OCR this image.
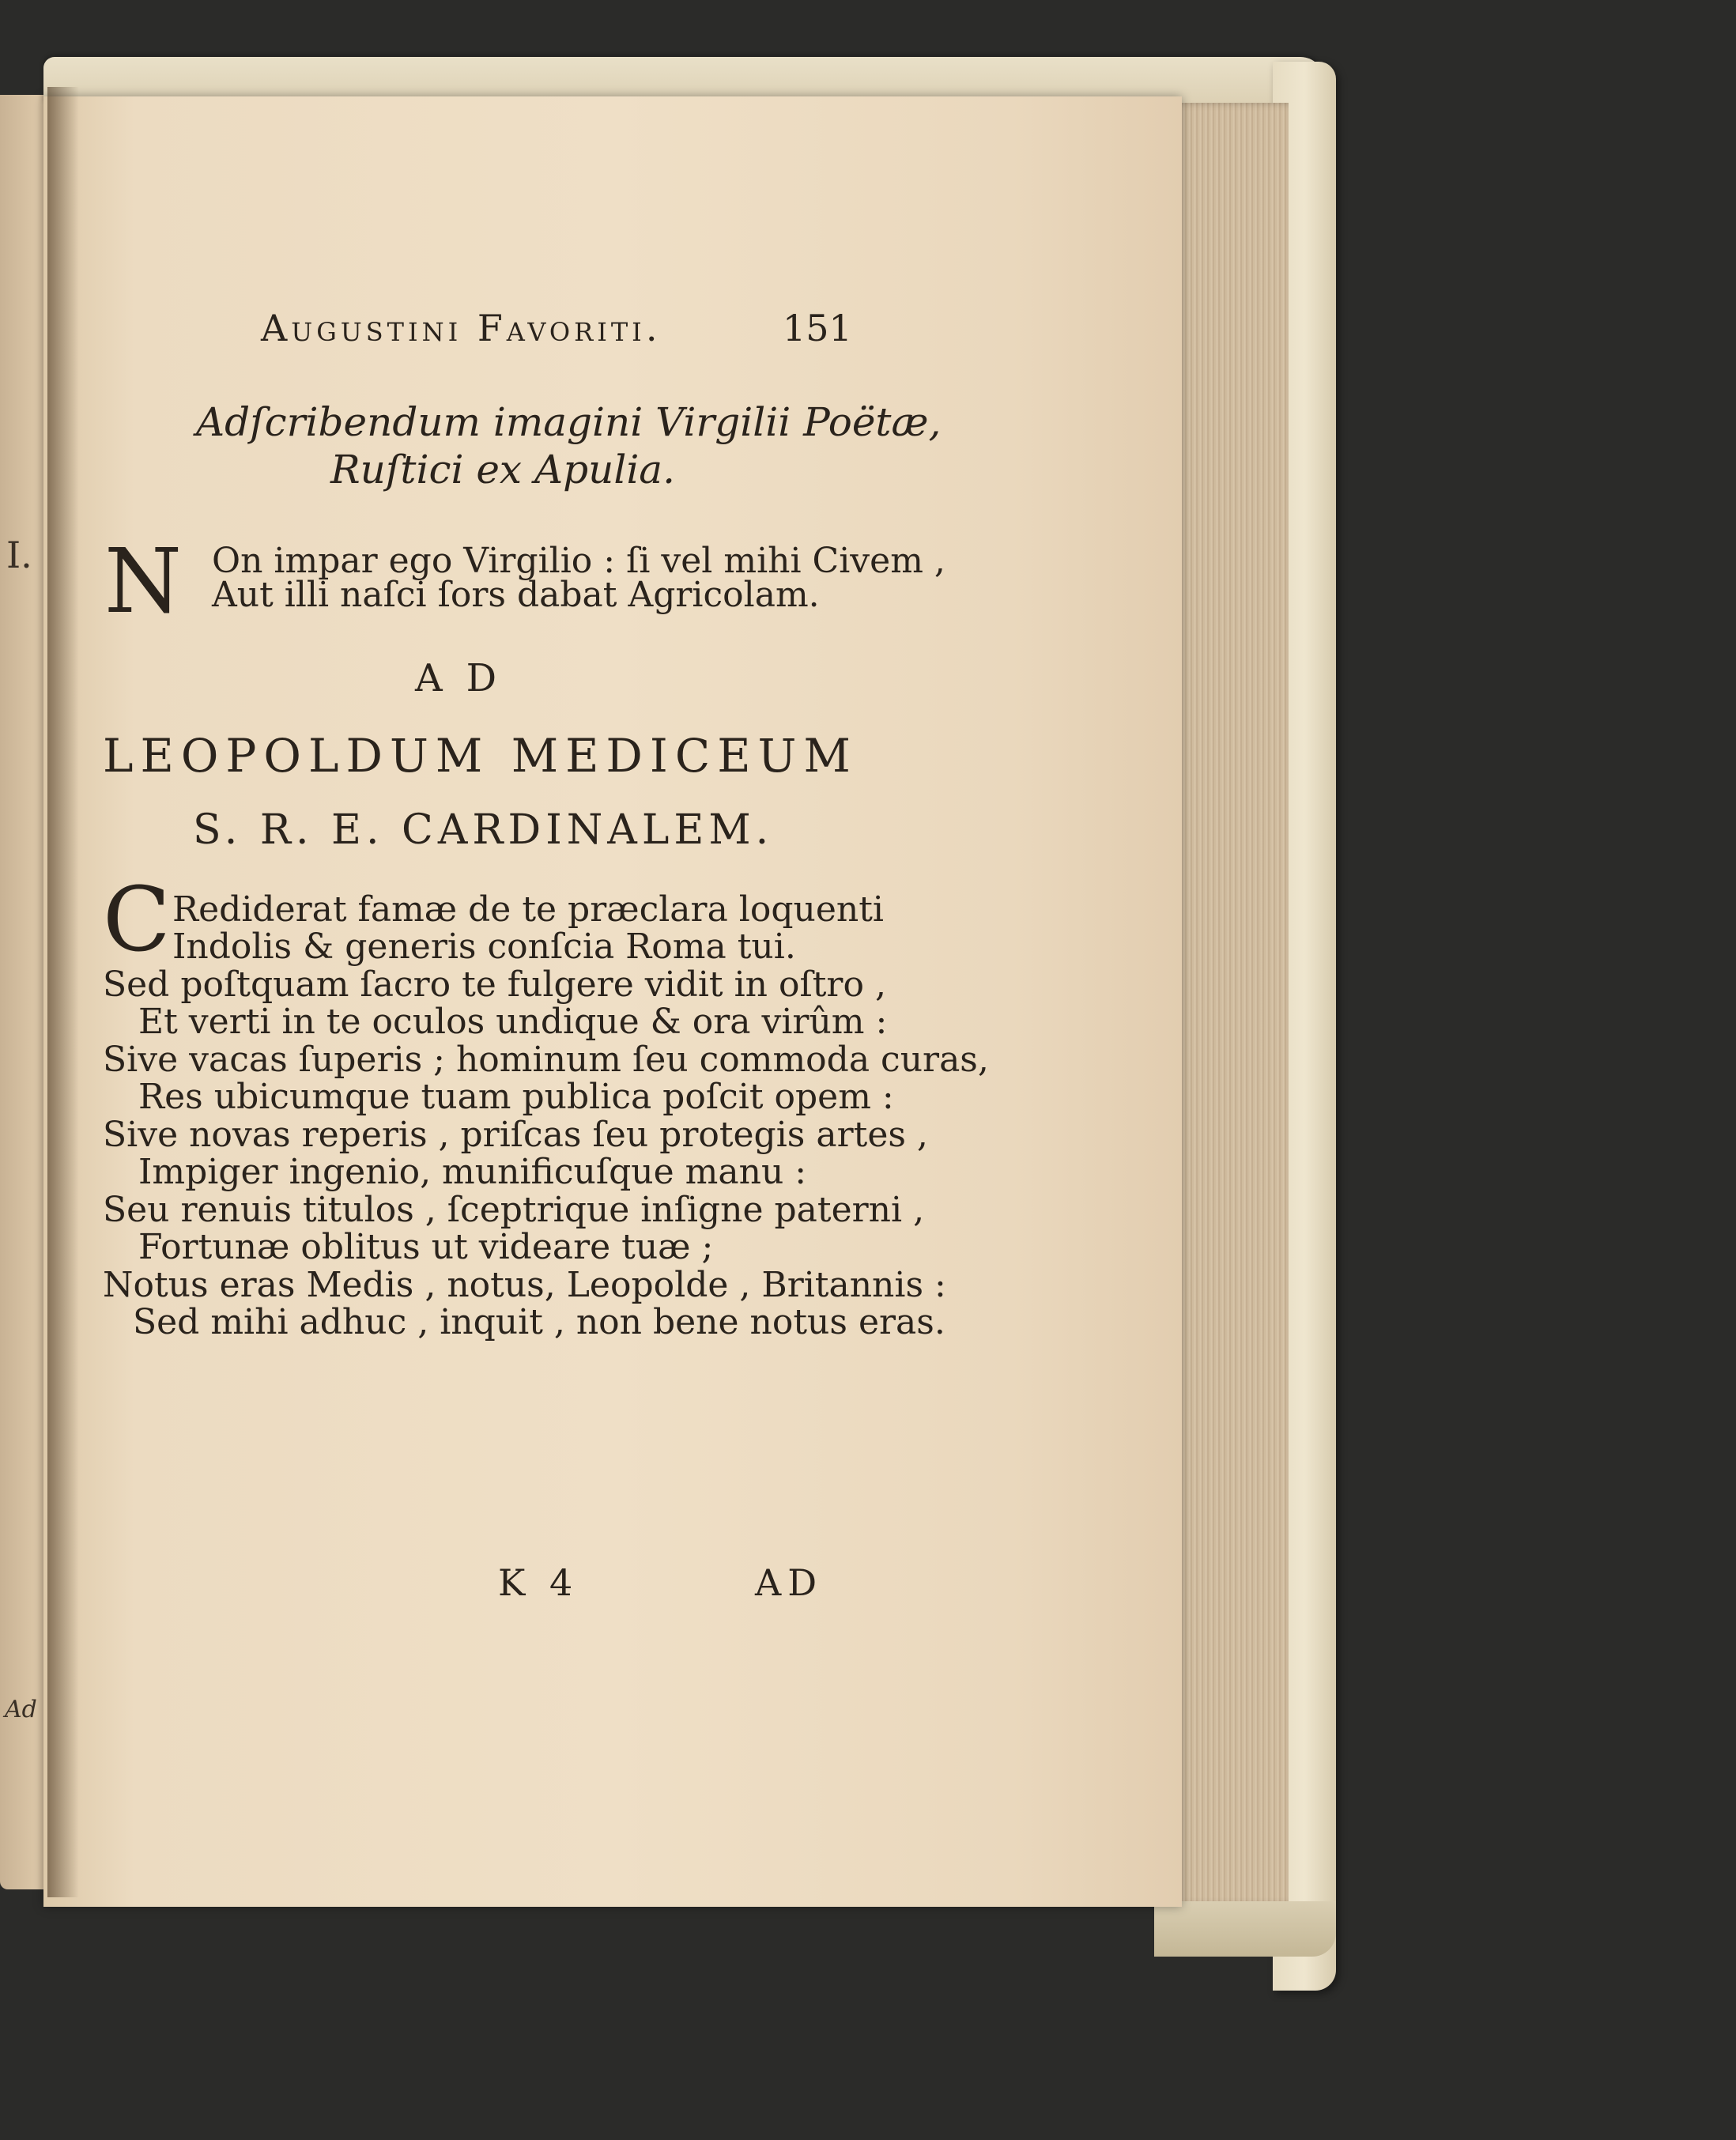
I.
Ad
Augustini Favoriti.	151
Adſcribendum imagini Virgilii Poëtæ,
Ruſtici ex Apulia.
N On impar ego Virgilio : ſi vel mihi Civem ,
Aut illi naſci ſors dabat Agricolam.
AD
LEOPOLDUM MEDICEUM
S. R. E. CARDINALEM.
C Rediderat famæ de te præclara loquenti
Indolis & generis conſcia Roma tui.
Sed poſtquam ſacro te fulgere vidit in oſtro ,
Et verti in te oculos undique & ora virûm :
Sive vacas ſuperis ; hominum ſeu commoda curas,
Res ubicumque tuam publica poſcit opem :
Sive novas reperis , priſcas ſeu protegis artes ,
Impiger ingenio, munificuſque manu :
Seu renuis titulos , ſceptrique inſigne paterni ,
Fortunæ oblitus ut videare tuæ ;
Notus eras Medis , notus, Leopolde , Britannis :
Sed mihi adhuc , inquit , non bene notus eras.
K 4	AD
